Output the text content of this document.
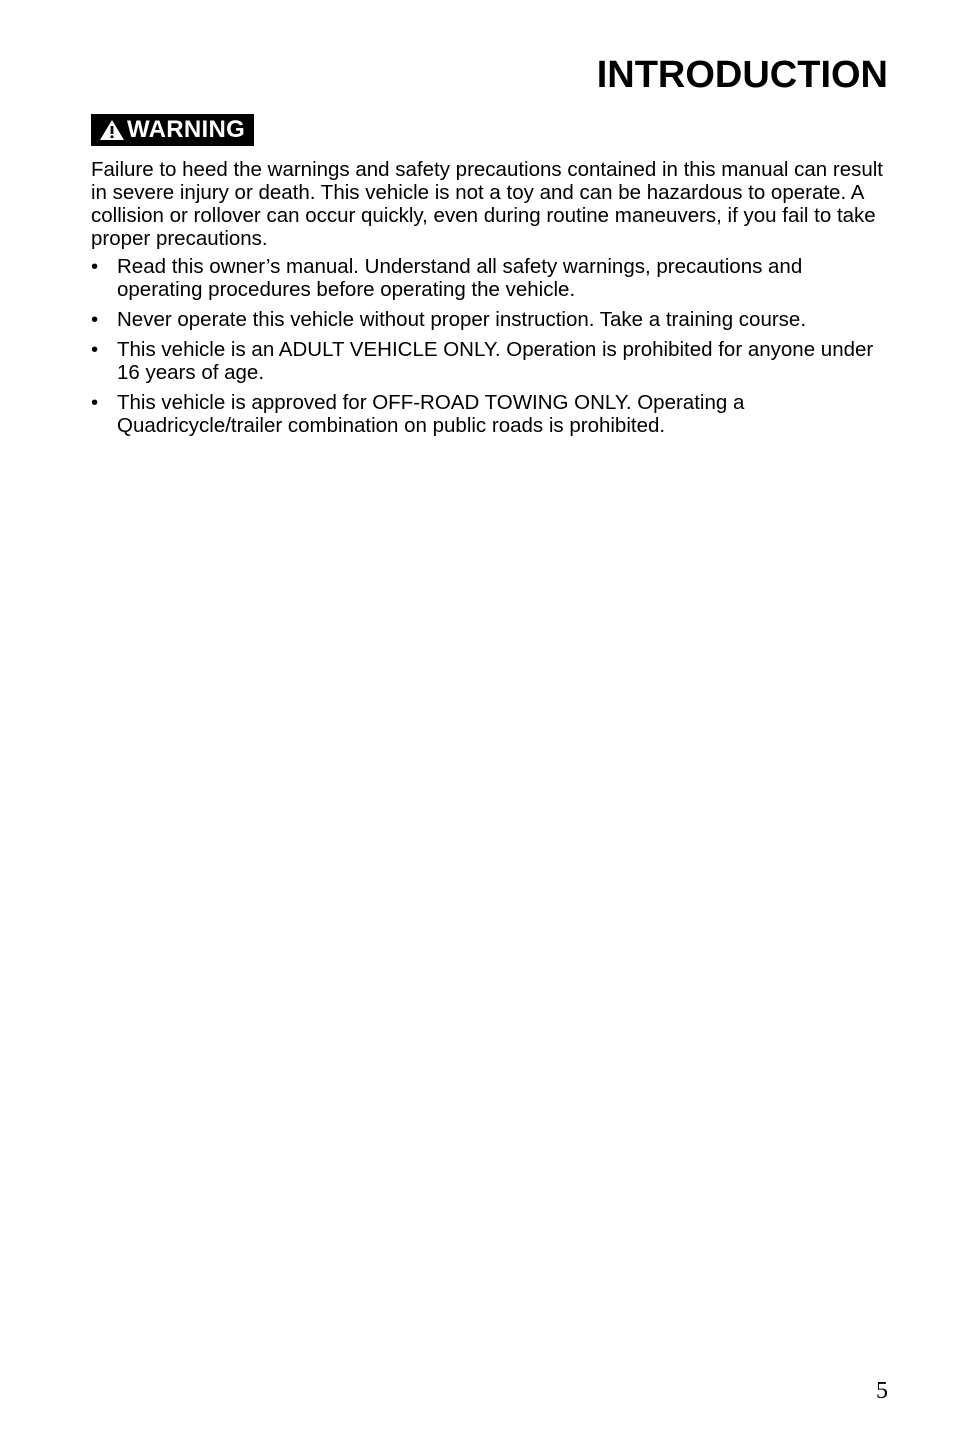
INTRODUCTION
WARNING

Failure to heed the warnings and safety precautions contained in this manual can result in severe injury or death. This vehicle is not a toy and can be hazardous to operate. A collision or rollover can occur quickly, even during routine maneuvers, if you fail to take proper precautions.

• Read this owner’s manual. Understand all safety warnings, precautions and operating procedures before operating the vehicle.
• Never operate this vehicle without proper instruction. Take a training course.
• This vehicle is an ADULT VEHICLE ONLY. Operation is prohibited for anyone under 16 years of age.
• This vehicle is approved for OFF-ROAD TOWING ONLY. Operating a Quadricycle/trailer combination on public roads is prohibited.
5
